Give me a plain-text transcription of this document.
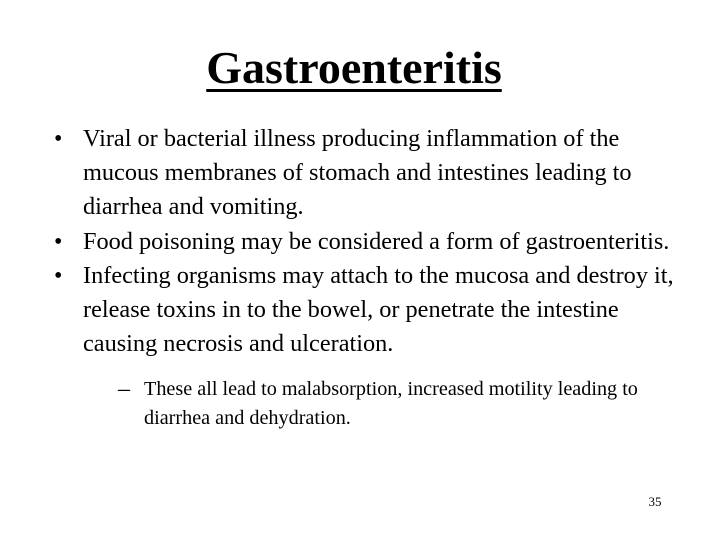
Gastroenteritis
• Viral or bacterial illness producing inflammation of the mucous membranes of stomach and intestines leading to diarrhea and vomiting.
• Food poisoning may be considered a form of gastroenteritis.
• Infecting organisms may attach to the mucosa and destroy it, release toxins in to the bowel, or penetrate the intestine causing necrosis and ulceration.
– These all lead to malabsorption, increased motility leading to diarrhea and dehydration.
35
